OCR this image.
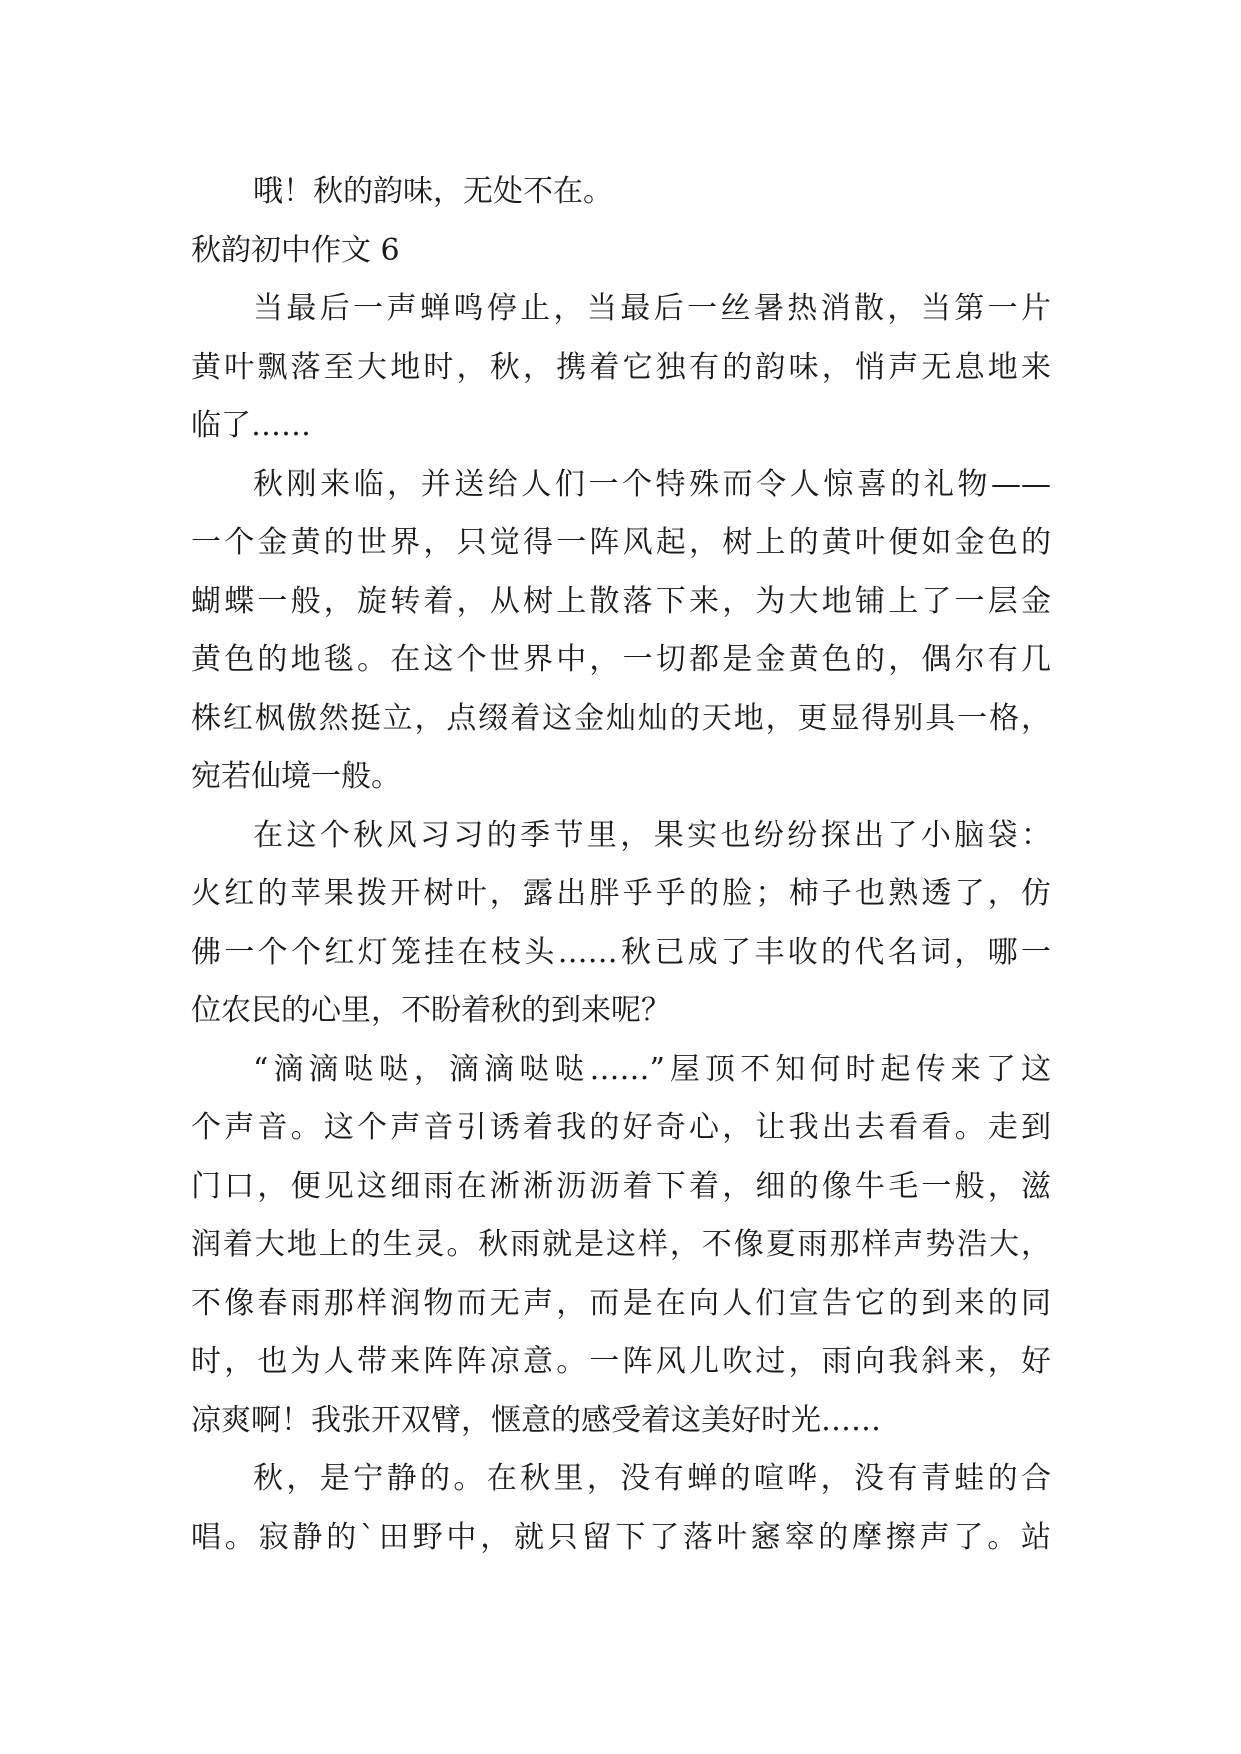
哦！秋的韵味，无处不在。
秋韵初中作文 6
当最后一声蝉鸣停止，当最后一丝暑热消散，当第一片
黄叶飘落至大地时，秋，携着它独有的韵味，悄声无息地来
临了……
秋刚来临，并送给人们一个特殊而令人惊喜的礼物——
一个金黄的世界，只觉得一阵风起，树上的黄叶便如金色的
蝴蝶一般，旋转着，从树上散落下来，为大地铺上了一层金
黄色的地毯。在这个世界中，一切都是金黄色的，偶尔有几
株红枫傲然挺立，点缀着这金灿灿的天地，更显得别具一格，
宛若仙境一般。
在这个秋风习习的季节里，果实也纷纷探出了小脑袋：
火红的苹果拨开树叶，露出胖乎乎的脸；柿子也熟透了，仿
佛一个个红灯笼挂在枝头……秋已成了丰收的代名词，哪一
位农民的心里，不盼着秋的到来呢？
“滴滴哒哒，滴滴哒哒……”屋顶不知何时起传来了这
个声音。这个声音引诱着我的好奇心，让我出去看看。走到
门口，便见这细雨在淅淅沥沥着下着，细的像牛毛一般，滋
润着大地上的生灵。秋雨就是这样，不像夏雨那样声势浩大，
不像春雨那样润物而无声，而是在向人们宣告它的到来的同
时，也为人带来阵阵凉意。一阵风儿吹过，雨向我斜来，好
凉爽啊！我张开双臂，惬意的感受着这美好时光……
秋，是宁静的。在秋里，没有蝉的喧哗，没有青蛙的合
唱。寂静的`田野中，就只留下了落叶窸窣的摩擦声了。站
